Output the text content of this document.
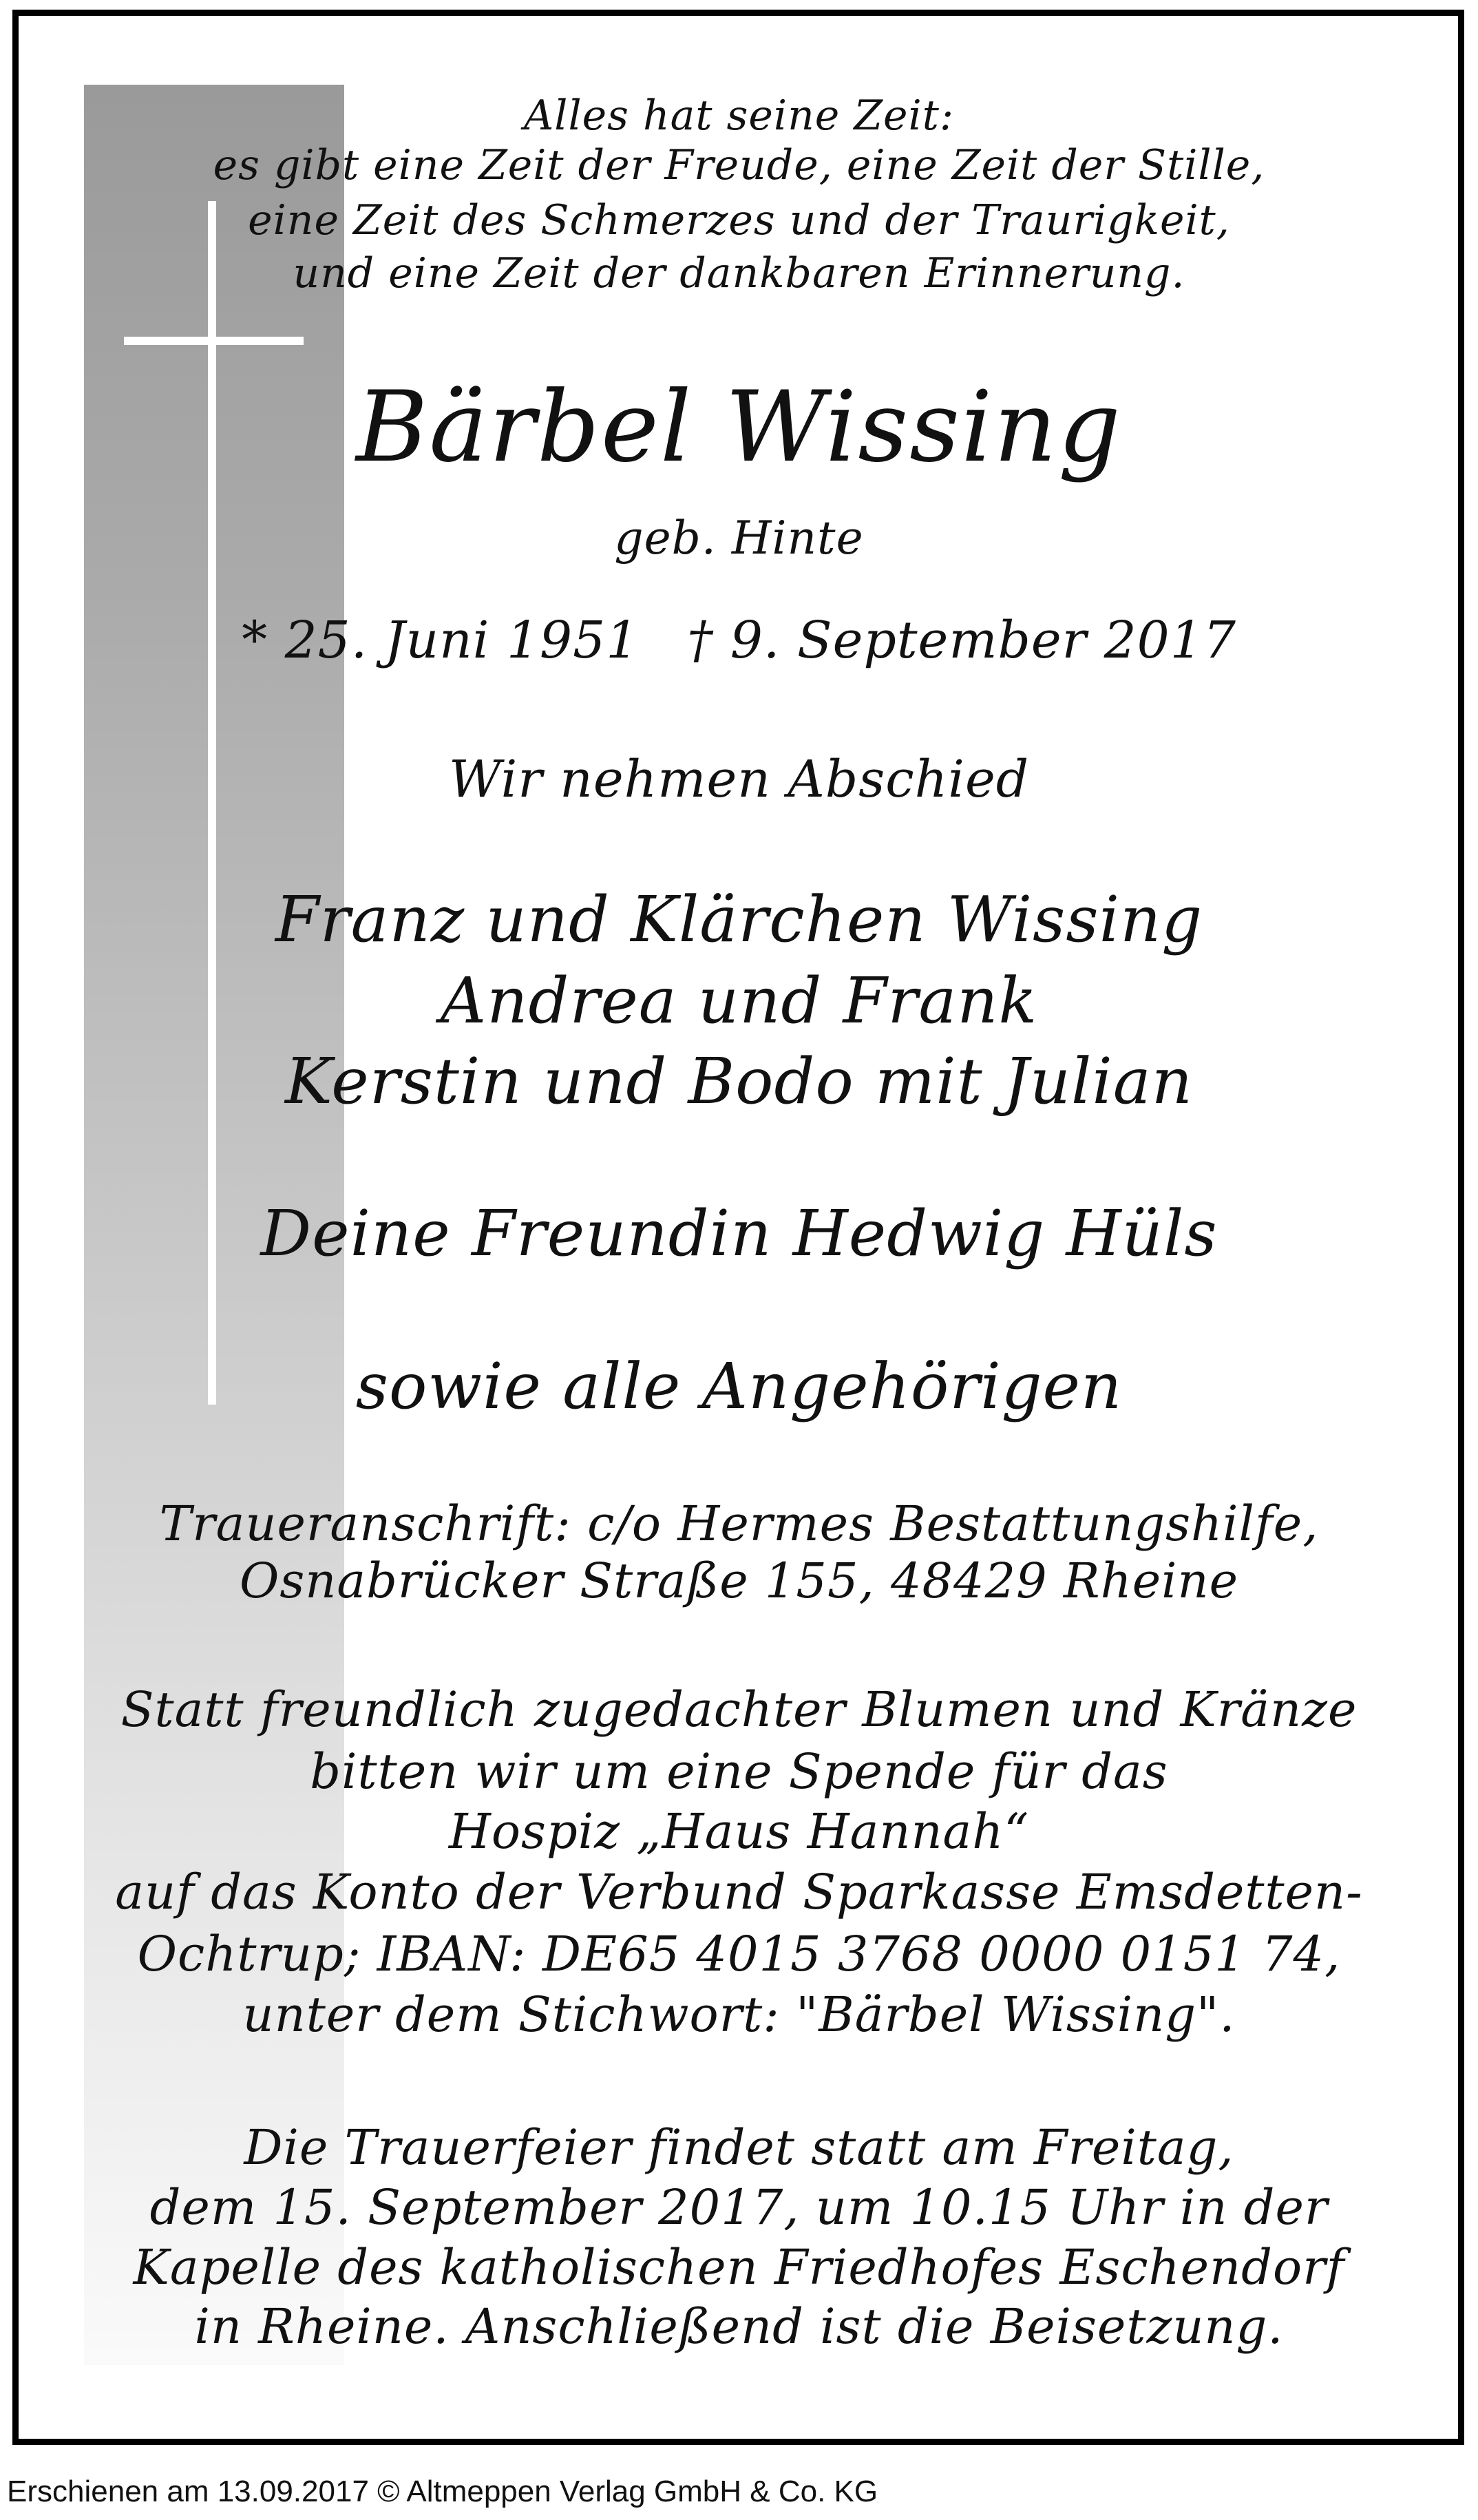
Alles hat seine Zeit:
es gibt eine Zeit der Freude, eine Zeit der Stille,
eine Zeit des Schmerzes und der Traurigkeit,
und eine Zeit der dankbaren Erinnerung.
Bärbel Wissing
geb. Hinte
* 25. Juni 1951 † 9. September 2017
Wir nehmen Abschied
Franz und Klärchen Wissing
Andrea und Frank
Kerstin und Bodo mit Julian
Deine Freundin Hedwig Hüls
sowie alle Angehörigen
Traueranschrift: c/o Hermes Bestattungshilfe,
Osnabrücker Straße 155, 48429 Rheine
Statt freundlich zugedachter Blumen und Kränze
bitten wir um eine Spende für das
Hospiz „Haus Hannah“
auf das Konto der Verbund Sparkasse Emsdetten-
Ochtrup; IBAN: DE65 4015 3768 0000 0151 74,
unter dem Stichwort: "Bärbel Wissing".
Die Trauerfeier findet statt am Freitag,
dem 15. September 2017, um 10.15 Uhr in der
Kapelle des katholischen Friedhofes Eschendorf
in Rheine. Anschließend ist die Beisetzung.
Erschienen am 13.09.2017 © Altmeppen Verlag GmbH & Co. KG
